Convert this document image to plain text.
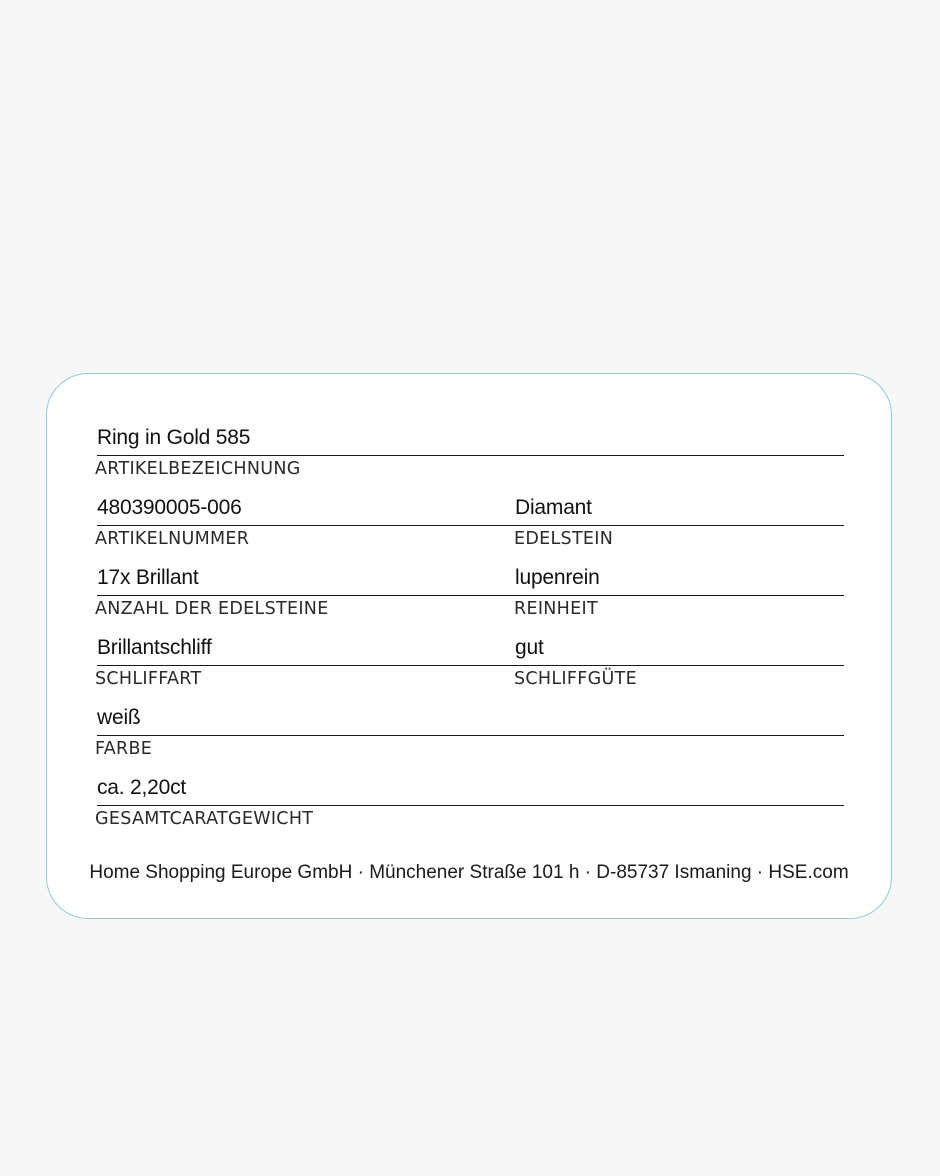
Ring in Gold 585
ARTIKELBEZEICHNUNG
480390005-006
ARTIKELNUMMER
Diamant
EDELSTEIN
17x Brillant
ANZAHL DER EDELSTEINE
lupenrein
REINHEIT
Brillantschliff
SCHLIFFART
gut
SCHLIFFGÜTE
weiß
FARBE
ca. 2,20ct
GESAMTCARATGEWICHT
Home Shopping Europe GmbH · Münchener Straße 101 h · D-85737 Ismaning · HSE.com
